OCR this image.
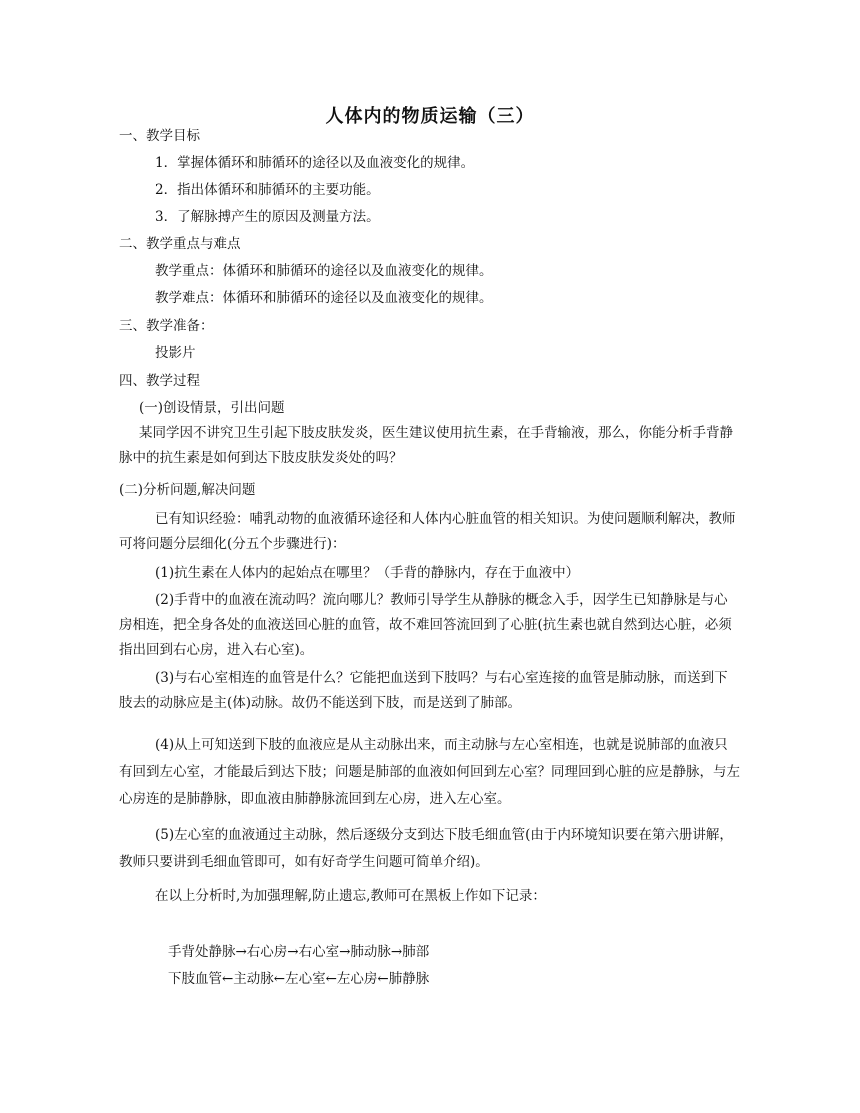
人体内的物质运输（三）
一、教学目标
1．掌握体循环和肺循环的途径以及血液变化的规律。
2．指出体循环和肺循环的主要功能。
3．了解脉搏产生的原因及测量方法。
二、教学重点与难点
教学重点：体循环和肺循环的途径以及血液变化的规律。
教学难点：体循环和肺循环的途径以及血液变化的规律。
三、教学准备：
投影片
四、教学过程
(一)创设情景，引出问题

某同学因不讲究卫生引起下肢皮肤发炎，医生建议使用抗生素，在手背输液，那么，你能分析手背静脉中的抗生素是如何到达下肢皮肤发炎处的吗？

(二)分析问题,解决问题

已有知识经验：哺乳动物的血液循环途径和人体内心脏血管的相关知识。为使问题顺利解决，教师可将问题分层细化(分五个步骤进行)：

(1)抗生素在人体内的起始点在哪里？（手背的静脉内，存在于血液中）

(2)手背中的血液在流动吗？流向哪儿？教师引导学生从静脉的概念入手，因学生已知静脉是与心房相连，把全身各处的血液送回心脏的血管，故不难回答流回到了心脏(抗生素也就自然到达心脏，必须指出回到右心房，进入右心室)。

(3)与右心室相连的血管是什么？它能把血送到下肢吗？与右心室连接的血管是肺动脉，而送到下肢去的动脉应是主(体)动脉。故仍不能送到下肢，而是送到了肺部。

(4)从上可知送到下肢的血液应是从主动脉出来，而主动脉与左心室相连，也就是说肺部的血液只有回到左心室，才能最后到达下肢；问题是肺部的血液如何回到左心室？同理回到心脏的应是静脉，与左心房连的是肺静脉，即血液由肺静脉流回到左心房，进入左心室。

(5)左心室的血液通过主动脉，然后逐级分支到达下肢毛细血管(由于内环境知识要在第六册讲解，教师只要讲到毛细血管即可，如有好奇学生问题可简单介绍)。

在以上分析时,为加强理解,防止遗忘,教师可在黑板上作如下记录：
手背处静脉→右心房→右心室→肺动脉→肺部
下肢血管←主动脉←左心室←左心房←肺静脉
